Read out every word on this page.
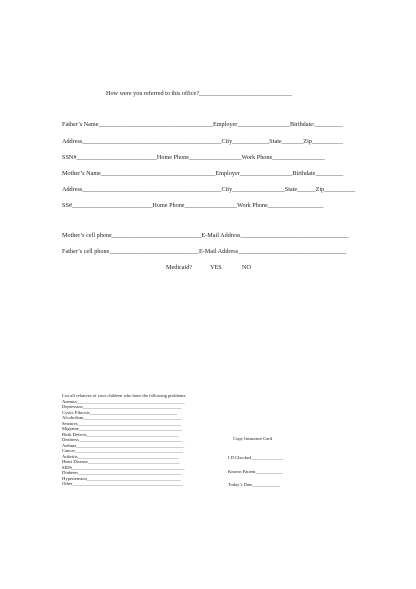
How were you referred to this office?______________________________
Father’s Name_____________________________________Employer_________________Birthdate:_________
Address_____________________________________________City____________State_______Zip__________
SSN#__________________________Home Phone_________________Work Phone_________________
Mother’s Name_____________________________________Employer_________________Birthdate_________
Address_____________________________________________City_________________State______Zip__________
SS#__________________________Home Phone_________________Work Phone__________________
Mother’s cell phone_____________________________E-Mail Address___________________________________
Father’s cell phone_____________________________E-Mail Address___________________________________
Medicaid?	YES	NO
List all relatives of your children who have the following problems:
Anemia_______________________________________________
Depression___________________________________________
Cystic Fibrosis______________________________________
Alcoholism___________________________________________
Seizures_____________________________________________
Migraine_____________________________________________
Birth Defects________________________________________
Deafness_____________________________________________
Asthma_______________________________________________
Cancer_______________________________________________
Arthritis____________________________________________
Heart Disease________________________________________
SIDS_________________________________________________
Diabetes_____________________________________________
Hypertension_________________________________________
Other________________________________________________
Copy Insurance Card
I D Checked______________
Known Patient____________
Today’s Date____________
